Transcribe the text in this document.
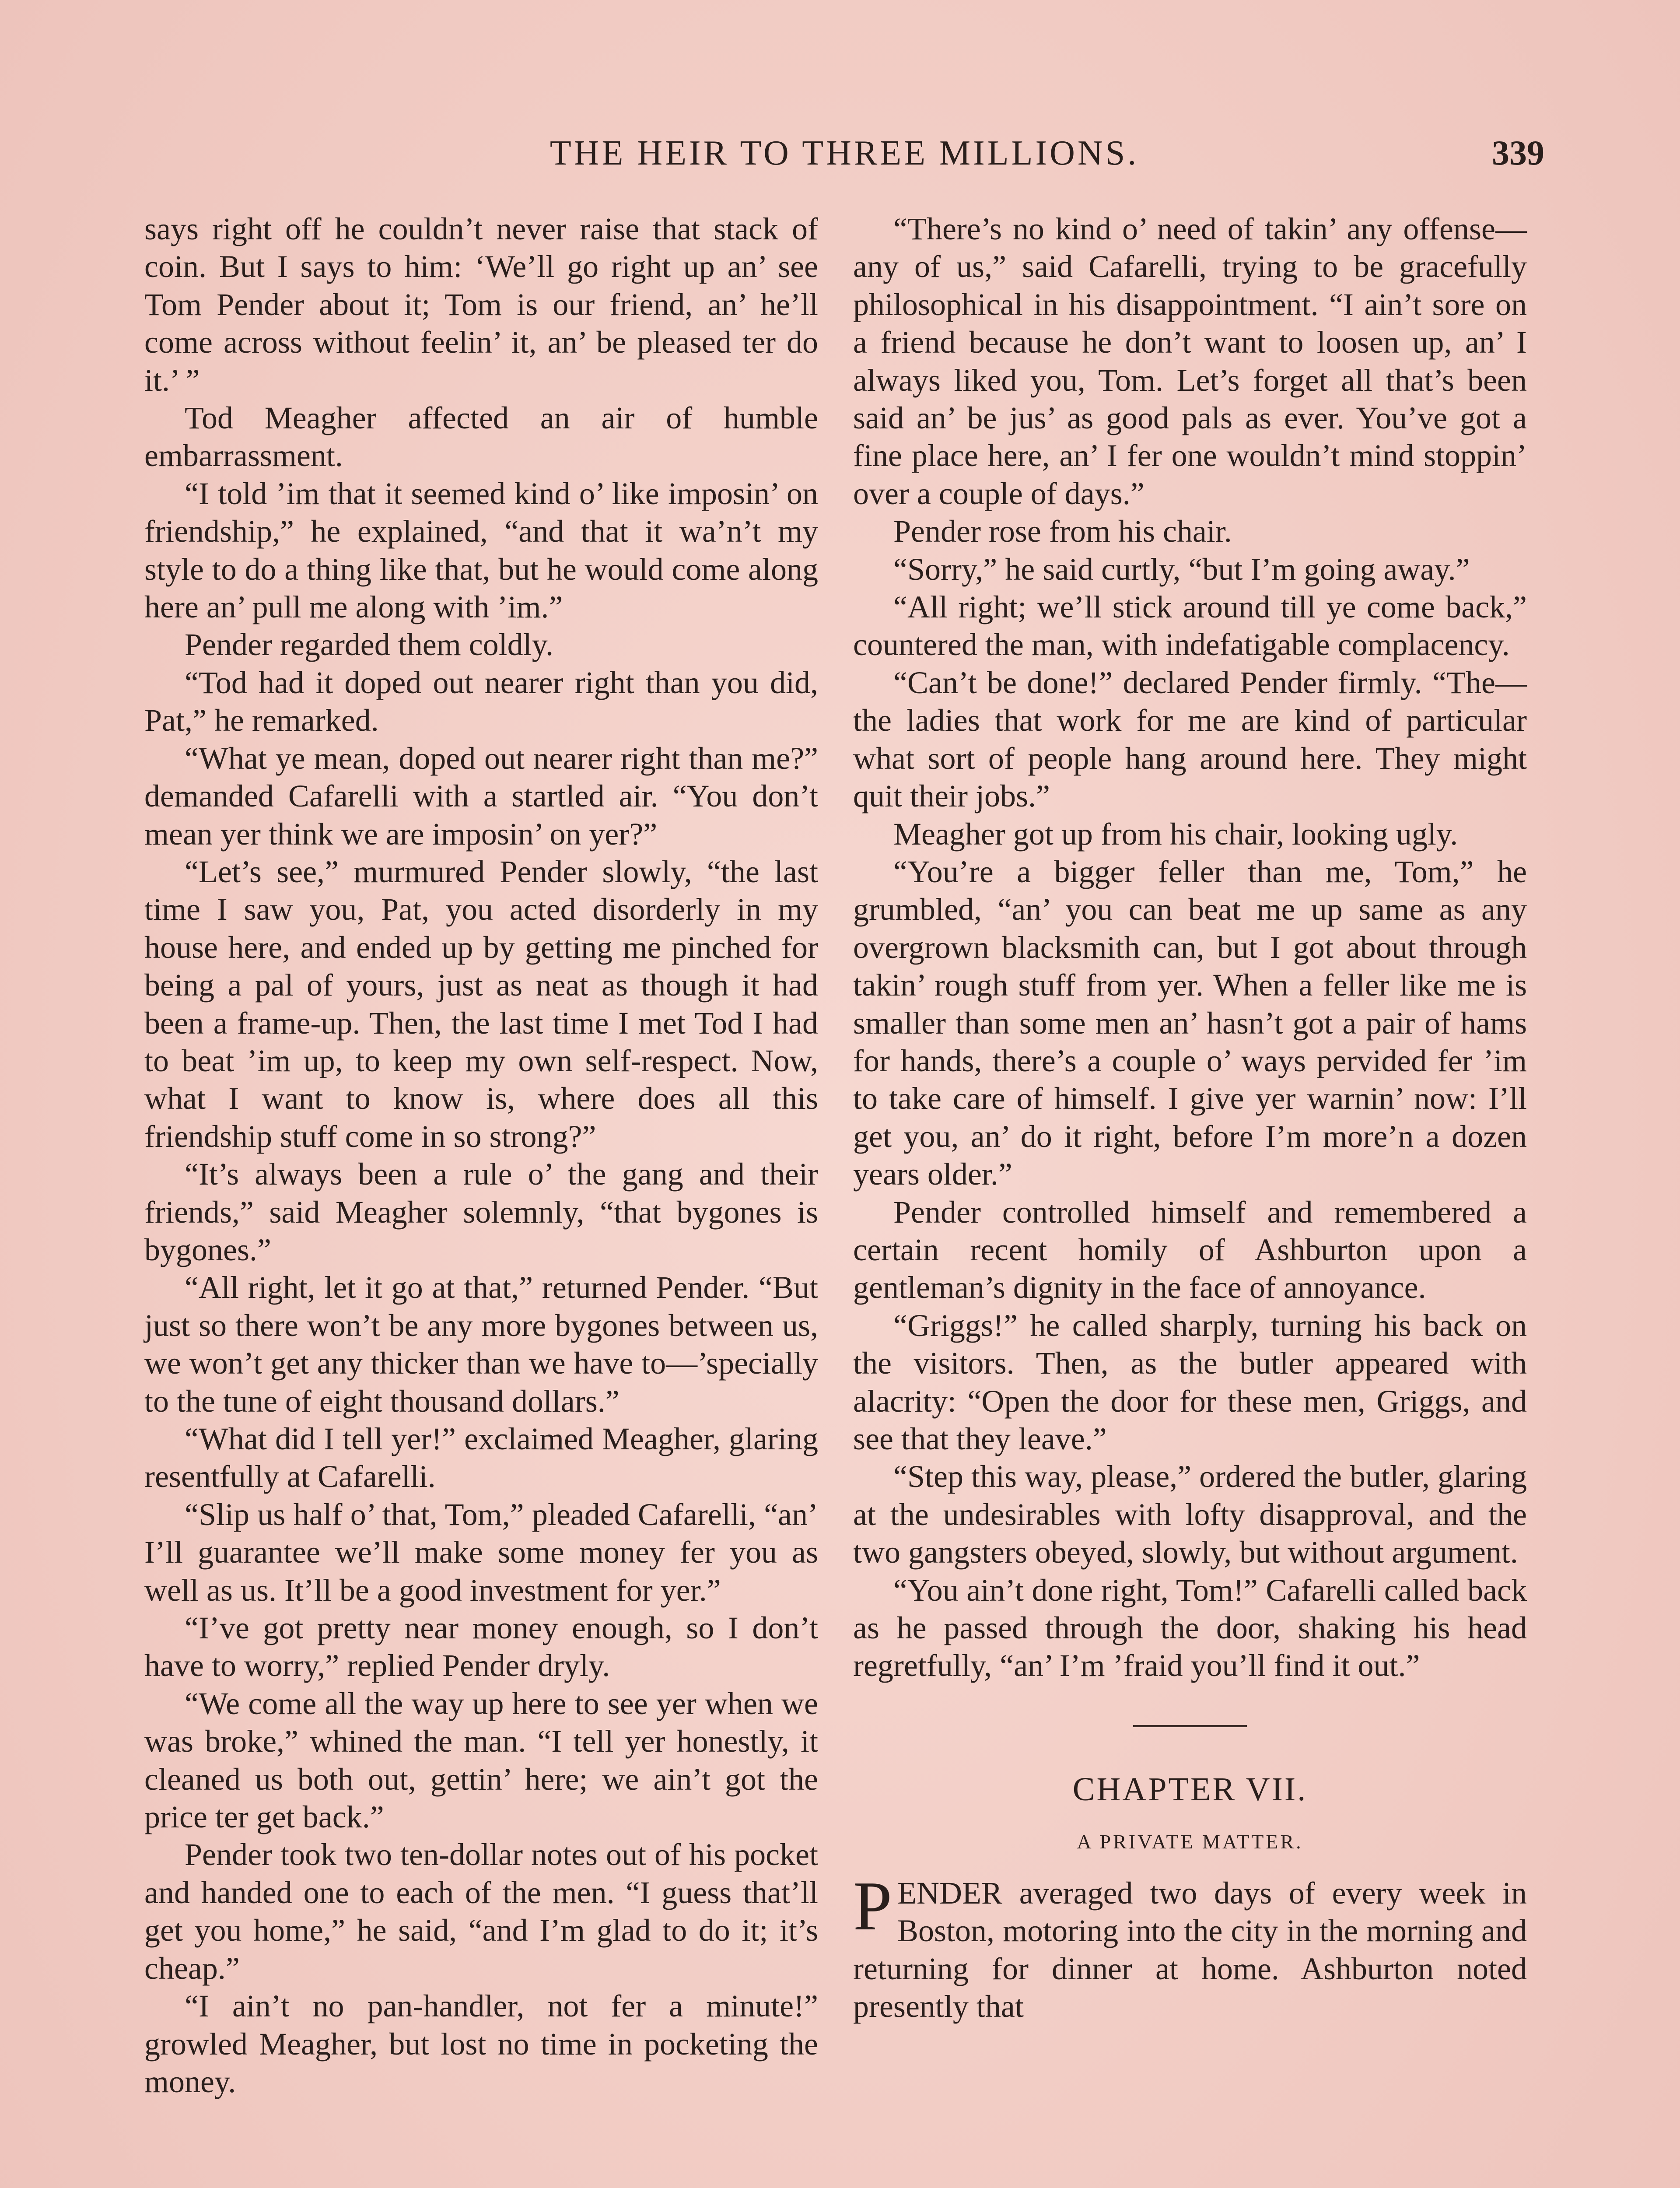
THE HEIR TO THREE MILLIONS.	339

says right off he couldn’t never raise that stack of coin. But I says to him: ‘We’ll go right up an’ see Tom Pender about it; Tom is our friend, an’ he’ll come across without feelin’ it, an’ be pleased ter do it.’ ”

Tod Meagher affected an air of humble embarrassment.

“I told ’im that it seemed kind o’ like imposin’ on friendship,” he explained, “and that it wa’n’t my style to do a thing like that, but he would come along here an’ pull me along with ’im.”

Pender regarded them coldly.

“Tod had it doped out nearer right than you did, Pat,” he remarked.

“What ye mean, doped out nearer right than me?” demanded Cafarelli with a startled air. “You don’t mean yer think we are imposin’ on yer?”

“Let’s see,” murmured Pender slowly, “the last time I saw you, Pat, you acted disorderly in my house here, and ended up by getting me pinched for being a pal of yours, just as neat as though it had been a frame-up. Then, the last time I met Tod I had to beat ’im up, to keep my own self-respect. Now, what I want to know is, where does all this friendship stuff come in so strong?”

“It’s always been a rule o’ the gang and their friends,” said Meagher solemnly, “that bygones is bygones.”

“All right, let it go at that,” returned Pender. “But just so there won’t be any more bygones between us, we won’t get any thicker than we have to—’specially to the tune of eight thousand dollars.”

“What did I tell yer!” exclaimed Meagher, glaring resentfully at Cafarelli.

“Slip us half o’ that, Tom,” pleaded Cafarelli, “an’ I’ll guarantee we’ll make some money fer you as well as us. It’ll be a good investment for yer.”

“I’ve got pretty near money enough, so I don’t have to worry,” replied Pender dryly.

“We come all the way up here to see yer when we was broke,” whined the man. “I tell yer honestly, it cleaned us both out, gettin’ here; we ain’t got the price ter get back.”

Pender took two ten-dollar notes out of his pocket and handed one to each of the men. “I guess that’ll get you home,” he said, “and I’m glad to do it; it’s cheap.”

“I ain’t no pan-handler, not fer a minute!” growled Meagher, but lost no time in pocketing the money.

“There’s no kind o’ need of takin’ any offense—any of us,” said Cafarelli, trying to be gracefully philosophical in his disappointment. “I ain’t sore on a friend because he don’t want to loosen up, an’ I always liked you, Tom. Let’s forget all that’s been said an’ be jus’ as good pals as ever. You’ve got a fine place here, an’ I fer one wouldn’t mind stoppin’ over a couple of days.”

Pender rose from his chair.

“Sorry,” he said curtly, “but I’m going away.”

“All right; we’ll stick around till ye come back,” countered the man, with indefatigable complacency.

“Can’t be done!” declared Pender firmly. “The—the ladies that work for me are kind of particular what sort of people hang around here. They might quit their jobs.”

Meagher got up from his chair, looking ugly.

“You’re a bigger feller than me, Tom,” he grumbled, “an’ you can beat me up same as any overgrown blacksmith can, but I got about through takin’ rough stuff from yer. When a feller like me is smaller than some men an’ hasn’t got a pair of hams for hands, there’s a couple o’ ways pervided fer ’im to take care of himself. I give yer warnin’ now: I’ll get you, an’ do it right, before I’m more’n a dozen years older.”

Pender controlled himself and remembered a certain recent homily of Ashburton upon a gentleman’s dignity in the face of annoyance.

“Griggs!” he called sharply, turning his back on the visitors. Then, as the butler appeared with alacrity: “Open the door for these men, Griggs, and see that they leave.”

“Step this way, please,” ordered the butler, glaring at the undesirables with lofty disapproval, and the two gangsters obeyed, slowly, but without argument.

“You ain’t done right, Tom!” Cafarelli called back as he passed through the door, shaking his head regretfully, “an’ I’m ’fraid you’ll find it out.”

CHAPTER VII.
A PRIVATE MATTER.

PENDER averaged two days of every week in Boston, motoring into the city in the morning and returning for dinner at home. Ashburton noted presently that
